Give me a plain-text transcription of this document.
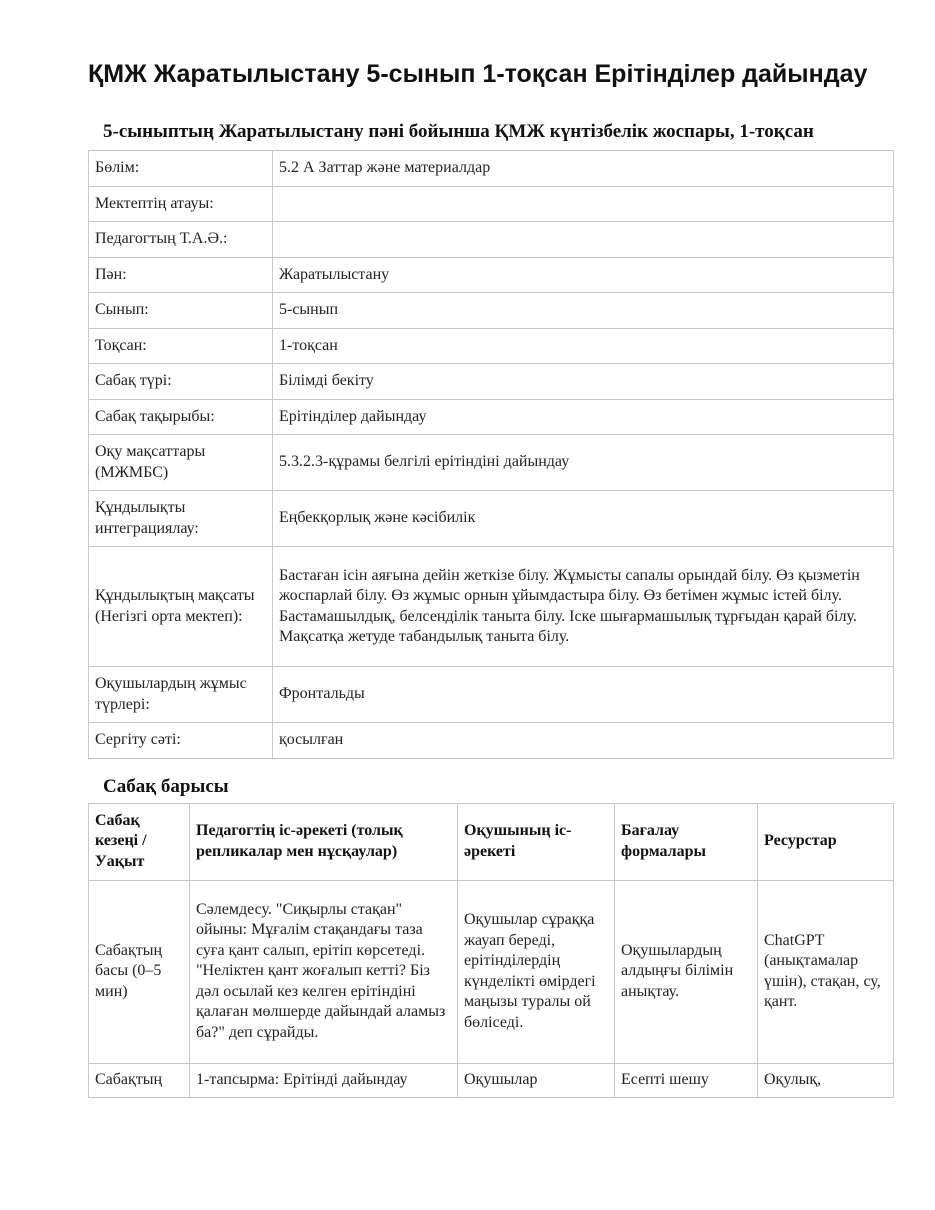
ҚМЖ Жаратылыстану 5-сынып 1-тоқсан Ерітінділер дайындау
5-сыныптың Жаратылыстану пәні бойынша ҚМЖ күнтізбелік жоспары, 1-тоқсан
Бөлім:	5.2 А Заттар және материалдар
Мектептің атауы:	
Педагогтың Т.А.Ә.:	
Пән:	Жаратылыстану
Сынып:	5-сынып
Тоқсан:	1-тоқсан
Сабақ түрі:	Білімді бекіту
Сабақ тақырыбы:	Ерітінділер дайындау
Оқу мақсаттары (МЖМБС)	5.3.2.3-құрамы белгілі ерітіндіні дайындау
Құндылықты интеграциялау:	Еңбекқорлық және кәсібилік
Құндылықтың мақсаты (Негізгі орта мектеп):	Бастаған ісін аяғына дейін жеткізе білу. Жұмысты сапалы орындай білу. Өз қызметін жоспарлай білу. Өз жұмыс орнын ұйымдастыра білу. Өз бетімен жұмыс істей білу. Бастамашылдық, белсенділік таныта білу. Іске шығармашылық тұрғыдан қарай білу. Мақсатқа жетуде табандылық таныта білу.
Оқушылардың жұмыс түрлері:	Фронтальды
Сергіту сәті:	қосылған
Сабақ барысы
Сабақ кезеңі / Уақыт	Педагогтің іс-әрекеті (толық репликалар мен нұсқаулар)	Оқушының іс-әрекеті	Бағалау формалары	Ресурстар
Сабақтың басы (0–5 мин)	Сәлемдесу. "Сиқырлы стақан" ойыны: Мұғалім стақандағы таза суға қант салып, ерітіп көрсетеді. "Неліктен қант жоғалып кетті? Біз дәл осылай кез келген ерітіндіні қалаған мөлшерде дайындай аламыз ба?" деп сұрайды.	Оқушылар сұраққа жауап береді, ерітінділердің күнделікті өмірдегі маңызы туралы ой бөліседі.	Оқушылардың алдыңғы білімін анықтау.	ChatGPT (анықтамалар үшін), стақан, су, қант.
Сабақтың	1-тапсырма: Ерітінді дайындау	Оқушылар	Есепті шешу	Оқулық,
